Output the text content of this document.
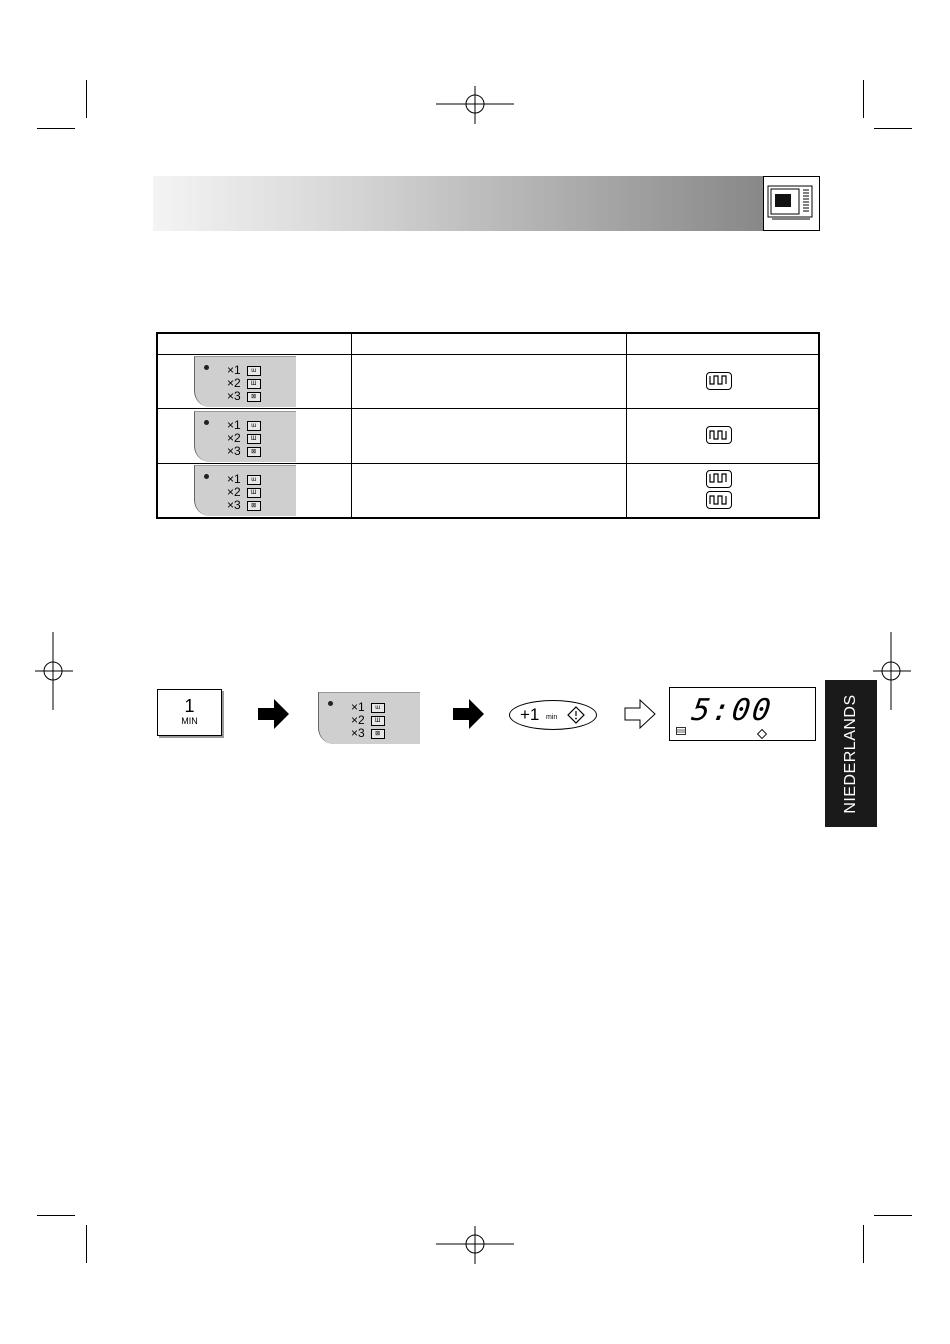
×1 ɯ
×2 Ш
×3 ⊠
×1 ɯ
×2 Ш
×3 ⊠
×1 ɯ
×2 Ш
×3 ⊠
1
MIN
×1 ɯ
×2 Ш
×3 ⊠
+1 min	5:00	NIEDERLANDS
